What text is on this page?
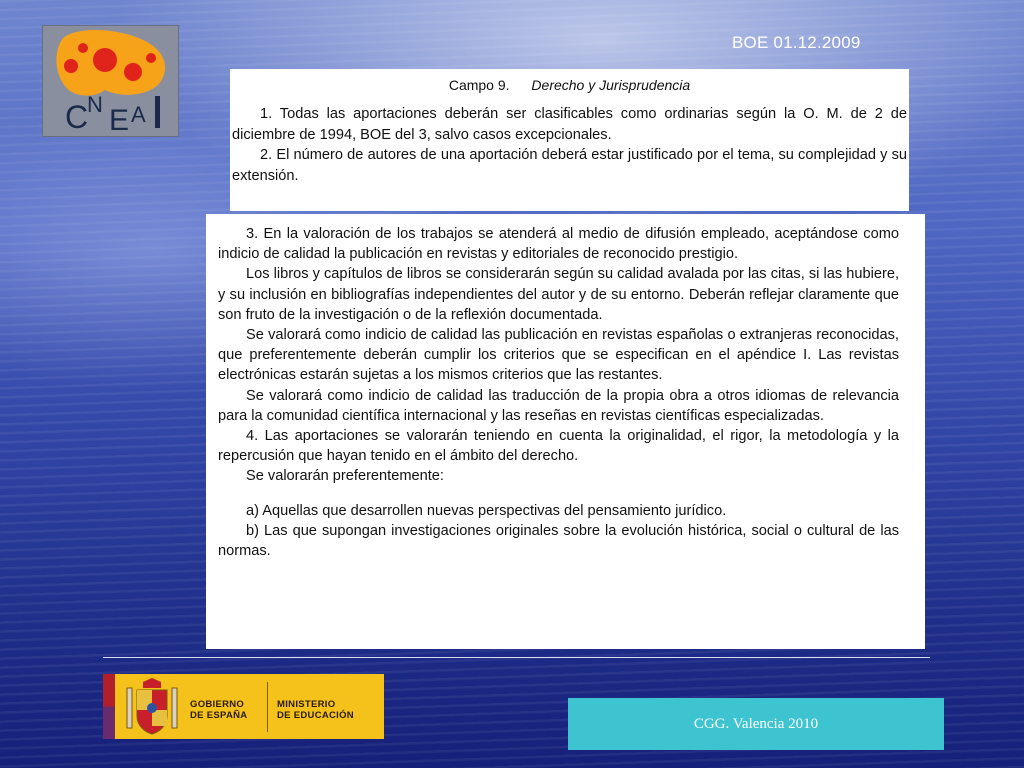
C
N E A
BOE 01.12.2009
Campo 9. Derecho y Jurisprudencia

1. Todas las aportaciones deberán ser clasificables como ordinarias según la O. M. de 2 de diciembre de 1994, BOE del 3, salvo casos excepcionales.

2. El número de autores de una aportación deberá estar justificado por el tema, su complejidad y su extensión.

3. En la valoración de los trabajos se atenderá al medio de difusión empleado, aceptándose como indicio de calidad la publicación en revistas y editoriales de reconocido prestigio.

Los libros y capítulos de libros se considerarán según su calidad avalada por las citas, si las hubiere, y su inclusión en bibliografías independientes del autor y de su entorno. Deberán reflejar claramente que son fruto de la investigación o de la reflexión documentada.

Se valorará como indicio de calidad las publicación en revistas españolas o extranjeras reconocidas, que preferentemente deberán cumplir los criterios que se especifican en el apéndice I. Las revistas electrónicas estarán sujetas a los mismos criterios que las restantes.

Se valorará como indicio de calidad las traducción de la propia obra a otros idiomas de relevancia para la comunidad científica internacional y las reseñas en revistas científicas especializadas.

4. Las aportaciones se valorarán teniendo en cuenta la originalidad, el rigor, la metodología y la repercusión que hayan tenido en el ámbito del derecho.

Se valorarán preferentemente:

a) Aquellas que desarrollen nuevas perspectivas del pensamiento jurídico.

b) Las que supongan investigaciones originales sobre la evolución histórica, social o cultural de las normas.

GOBIERNO
DE ESPAÑA
MINISTERIO
DE EDUCACIÓN	CGG. Valencia 2010
